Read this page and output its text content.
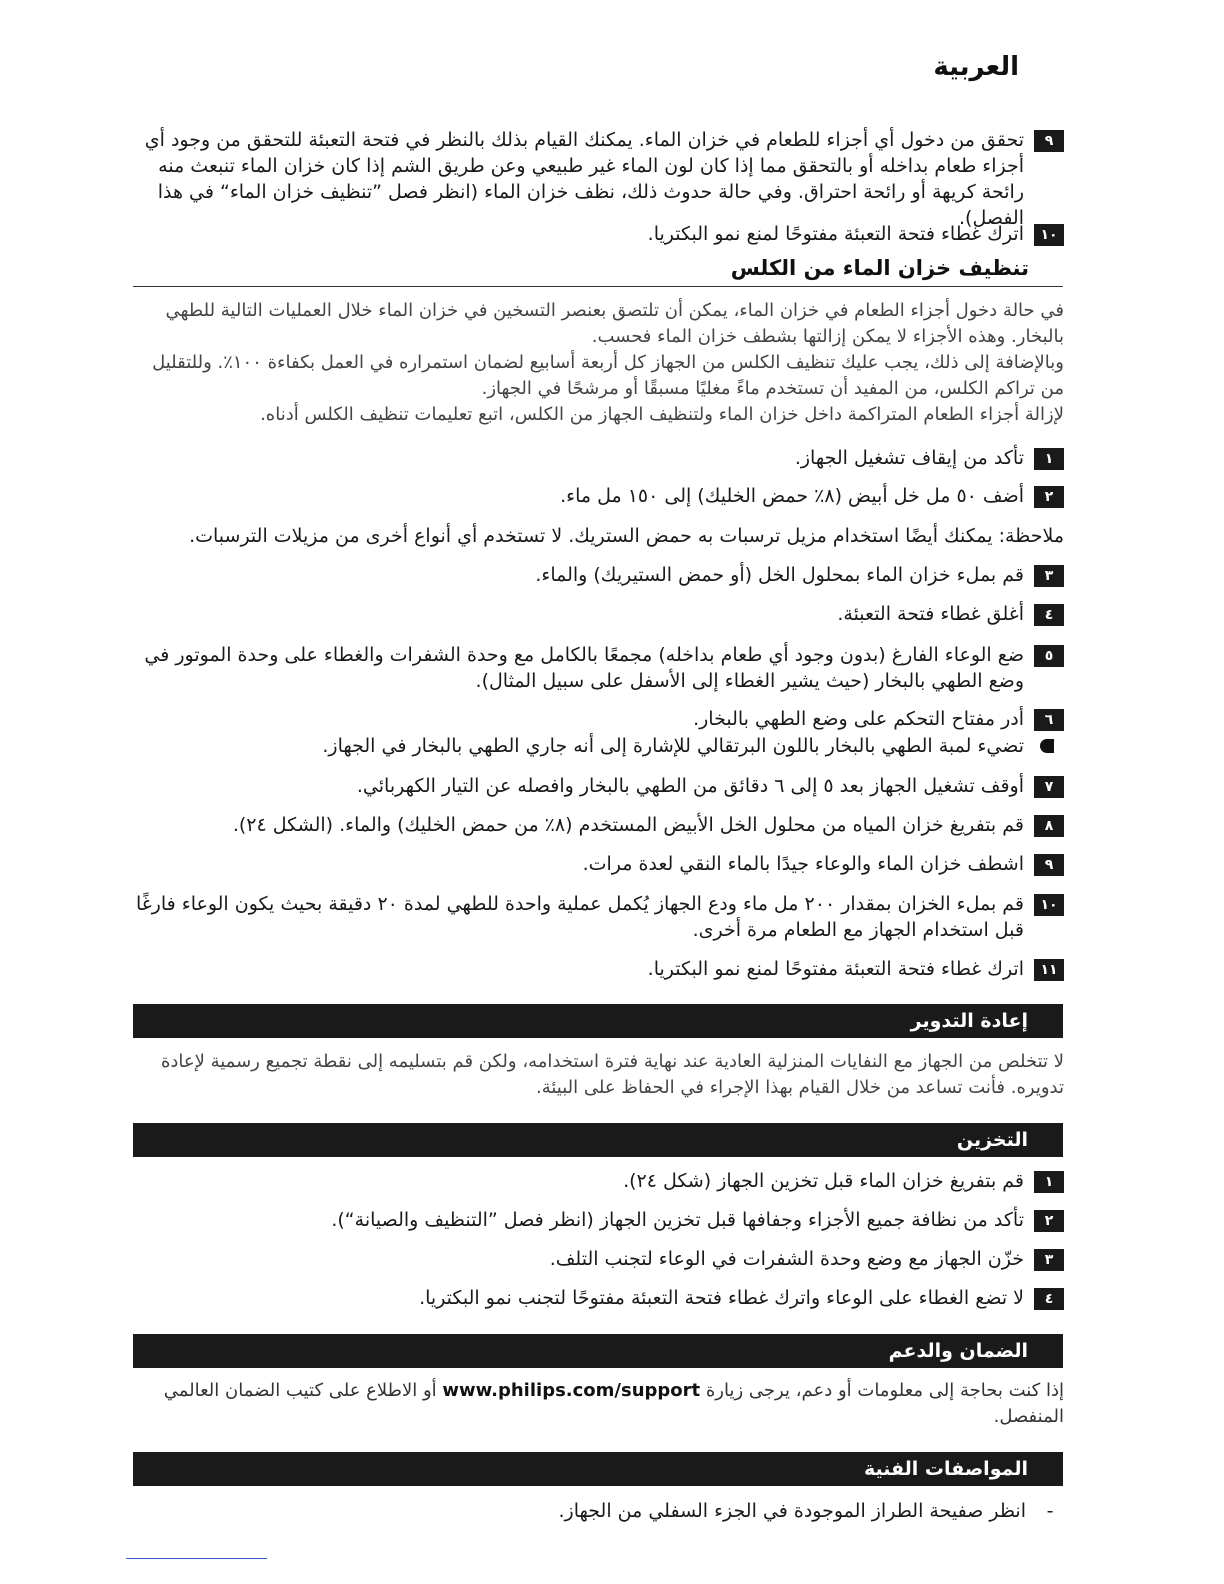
العربية
٩
تحقق من دخول أي أجزاء للطعام في خزان الماء. يمكنك القيام بذلك بالنظر في فتحة التعبئة للتحقق من وجود أي أجزاء طعام بداخله أو بالتحقق مما إذا كان لون الماء غير طبيعي وعن طريق الشم إذا كان خزان الماء تنبعث منه رائحة كريهة أو رائحة احتراق. وفي حالة حدوث ذلك، نظف خزان الماء (انظر فصل ”تنظيف خزان الماء“ في هذا الفصل).
١٠
اترك غطاء فتحة التعبئة مفتوحًا لمنع نمو البكتريا.
تنظيف خزان الماء من الكلس
في حالة دخول أجزاء الطعام في خزان الماء، يمكن أن تلتصق بعنصر التسخين في خزان الماء خلال العمليات التالية للطهي بالبخار. وهذه الأجزاء لا يمكن إزالتها بشطف خزان الماء فحسب.
وبالإضافة إلى ذلك، يجب عليك تنظيف الكلس من الجهاز كل أربعة أسابيع لضمان استمراره في العمل بكفاءة ١٠٠٪. وللتقليل من تراكم الكلس، من المفيد أن تستخدم ماءً مغليًا مسبقًا أو مرشحًا في الجهاز.
لإزالة أجزاء الطعام المتراكمة داخل خزان الماء ولتنظيف الجهاز من الكلس، اتبع تعليمات تنظيف الكلس أدناه.
١
تأكد من إيقاف تشغيل الجهاز.
٢
أضف ٥٠ مل خل أبيض (٨٪ حمض الخليك) إلى ١٥٠ مل ماء.
ملاحظة: يمكنك أيضًا استخدام مزيل ترسبات به حمض الستريك. لا تستخدم أي أنواع أخرى من مزيلات الترسبات.
٣
قم بملء خزان الماء بمحلول الخل (أو حمض الستيريك) والماء.
٤
أغلق غطاء فتحة التعبئة.
٥
ضع الوعاء الفارغ (بدون وجود أي طعام بداخله) مجمعًا بالكامل مع وحدة الشفرات والغطاء على وحدة الموتور في وضع الطهي بالبخار (حيث يشير الغطاء إلى الأسفل على سبيل المثال).
٦
أدر مفتاح التحكم على وضع الطهي بالبخار.
تضيء لمبة الطهي بالبخار باللون البرتقالي للإشارة إلى أنه جاري الطهي بالبخار في الجهاز.
٧
أوقف تشغيل الجهاز بعد ٥ إلى ٦ دقائق من الطهي بالبخار وافصله عن التيار الكهربائي.
٨
قم بتفريغ خزان المياه من محلول الخل الأبيض المستخدم (٨٪ من حمض الخليك) والماء. (الشكل ٢٤).
٩
اشطف خزان الماء والوعاء جيدًا بالماء النقي لعدة مرات.
١٠
قم بملء الخزان بمقدار ٢٠٠ مل ماء ودع الجهاز يُكمل عملية واحدة للطهي لمدة ٢٠ دقيقة بحيث يكون الوعاء فارغًا قبل استخدام الجهاز مع الطعام مرة أخرى.
١١
اترك غطاء فتحة التعبئة مفتوحًا لمنع نمو البكتريا.
إعادة التدوير
لا تتخلص من الجهاز مع النفايات المنزلية العادية عند نهاية فترة استخدامه، ولكن قم بتسليمه إلى نقطة تجميع رسمية لإعادة تدويره. فأنت تساعد من خلال القيام بهذا الإجراء في الحفاظ على البيئة.
التخزين
١
قم بتفريغ خزان الماء قبل تخزين الجهاز (شكل ٢٤).
٢
تأكد من نظافة جميع الأجزاء وجفافها قبل تخزين الجهاز (انظر فصل ”التنظيف والصيانة“).
٣
خزّن الجهاز مع وضع وحدة الشفرات في الوعاء لتجنب التلف.
٤
لا تضع الغطاء على الوعاء واترك غطاء فتحة التعبئة مفتوحًا لتجنب نمو البكتريا.
الضمان والدعم
إذا كنت بحاجة إلى معلومات أو دعم، يرجى زيارة www.philips.com/support أو الاطلاع على كتيب الضمان العالمي المنفصل.
المواصفات الفنية
-
انظر صفيحة الطراز الموجودة في الجزء السفلي من الجهاز.
